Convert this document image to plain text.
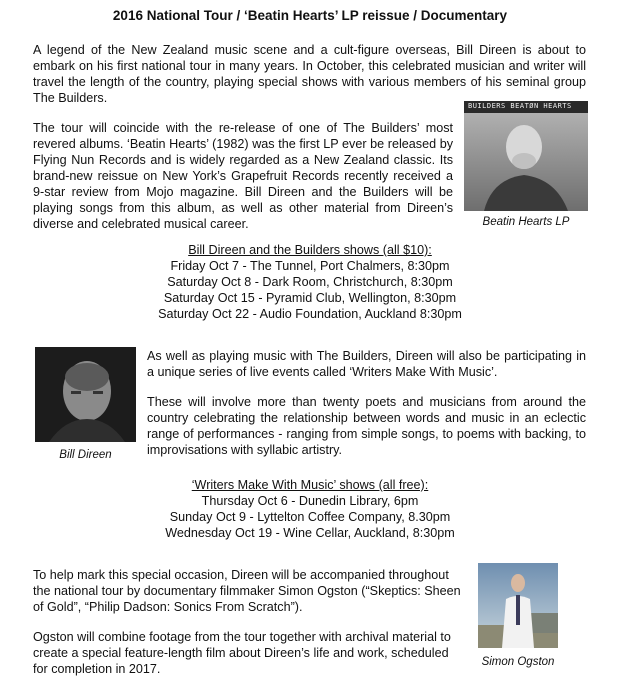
2016 National Tour / ‘Beatin Hearts’ LP reissue / Documentary

A legend of the New Zealand music scene and a cult-figure overseas, Bill Direen is about to embark on his first national tour in many years. In October, this celebrated musician and writer will travel the length of the country, playing special shows with various members of his seminal group The Builders.

The tour will coincide with the re-release of one of The Builders’ most revered albums. ‘Beatin Hearts’ (1982) was the first LP ever be released by Flying Nun Records and is widely regarded as a New Zealand classic. Its brand-new reissue on New York’s Grapefruit Records recently received a 9-star review from Mojo magazine. Bill Direen and the Builders will be playing songs from this album, as well as other material from Direen’s diverse and celebrated musical career.

BUILDERS BEATØN HEARTS
Beatin Hearts LP

Bill Direen and the Builders shows (all $10):

Friday Oct 7 - The Tunnel, Port Chalmers, 8:30pm

Saturday Oct 8 - Dark Room, Christchurch, 8:30pm

Saturday Oct 15 - Pyramid Club, Wellington, 8:30pm

Saturday Oct 22 - Audio Foundation, Auckland 8:30pm

Bill Direen

As well as playing music with The Builders, Direen will also be participating in a unique series of live events called ‘Writers Make With Music’.

These will involve more than twenty poets and musicians from around the country celebrating the relationship between words and music in an eclectic range of performances - ranging from simple songs, to poems with backing, to improvisations with syllabic artistry.

‘Writers Make With Music’ shows (all free):

Thursday Oct 6 - Dunedin Library, 6pm

Sunday Oct 9 - Lyttelton Coffee Company, 8.30pm

Wednesday Oct 19 - Wine Cellar, Auckland, 8:30pm

To help mark this special occasion, Direen will be accompanied throughout the national tour by documentary filmmaker Simon Ogston (“Skeptics: Sheen of Gold”, “Philip Dadson: Sonics From Scratch”).

Ogston will combine footage from the tour together with archival material to create a special feature-length film about Direen’s life and work, scheduled for completion in 2017.	Simon Ogston
